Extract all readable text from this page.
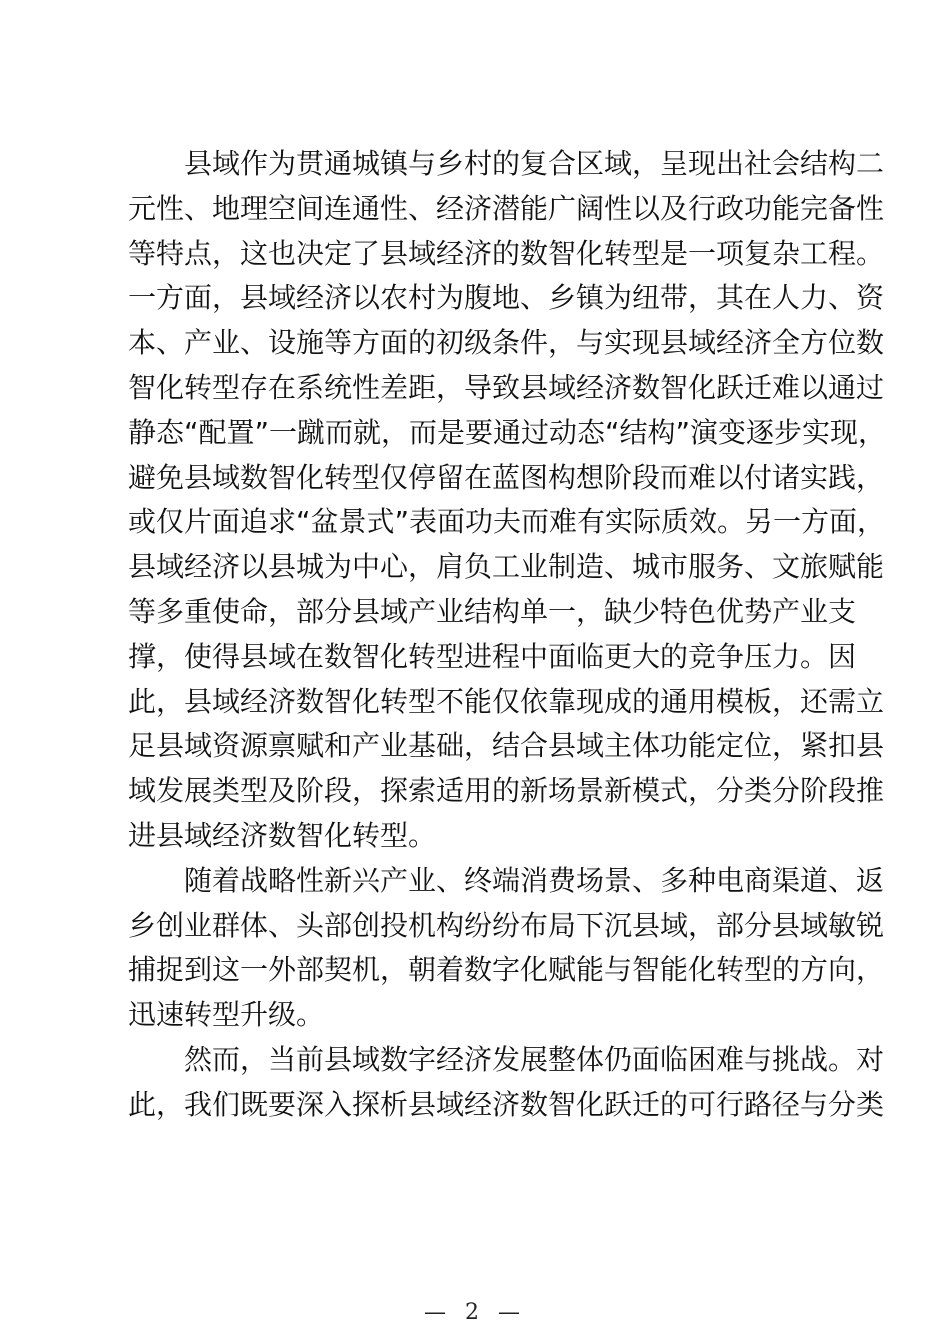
县域作为贯通城镇与乡村的复合区域，呈现出社会结构二
元性、地理空间连通性、经济潜能广阔性以及行政功能完备性
等特点，这也决定了县域经济的数智化转型是一项复杂工程。
一方面，县域经济以农村为腹地、乡镇为纽带，其在人力、资
本、产业、设施等方面的初级条件，与实现县域经济全方位数
智化转型存在系统性差距，导致县域经济数智化跃迁难以通过
静态“配置”一蹴而就，而是要通过动态“结构”演变逐步实现，
避免县域数智化转型仅停留在蓝图构想阶段而难以付诸实践，
或仅片面追求“盆景式”表面功夫而难有实际质效。另一方面，
县域经济以县城为中心，肩负工业制造、城市服务、文旅赋能
等多重使命，部分县域产业结构单一，缺少特色优势产业支
撑，使得县域在数智化转型进程中面临更大的竞争压力。因
此，县域经济数智化转型不能仅依靠现成的通用模板，还需立
足县域资源禀赋和产业基础，结合县域主体功能定位，紧扣县
域发展类型及阶段，探索适用的新场景新模式，分类分阶段推
进县域经济数智化转型。
随着战略性新兴产业、终端消费场景、多种电商渠道、返
乡创业群体、头部创投机构纷纷布局下沉县域，部分县域敏锐
捕捉到这一外部契机，朝着数字化赋能与智能化转型的方向，
迅速转型升级。
然而，当前县域数字经济发展整体仍面临困难与挑战。对
此，我们既要深入探析县域经济数智化跃迁的可行路径与分类
— 2 —
